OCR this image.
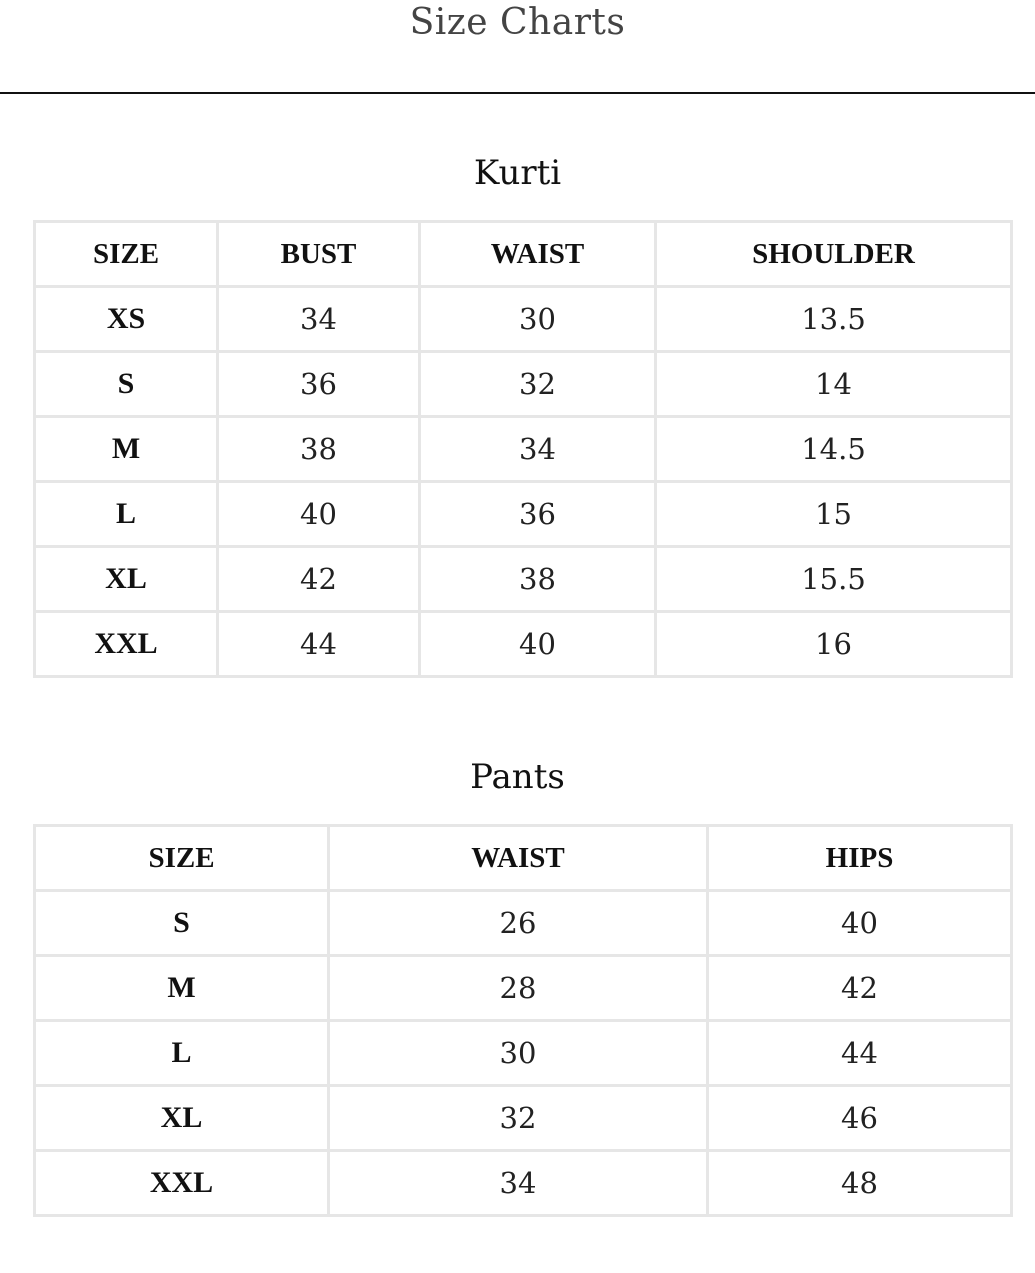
Size Charts
Kurti
SIZE	BUST	WAIST	SHOULDER
XS	34	30	13.5
S	36	32	14
M	38	34	14.5
L	40	36	15
XL	42	38	15.5
XXL	44	40	16
Pants
SIZE	WAIST	HIPS
S	26	40
M	28	42
L	30	44
XL	32	46
XXL	34	48
